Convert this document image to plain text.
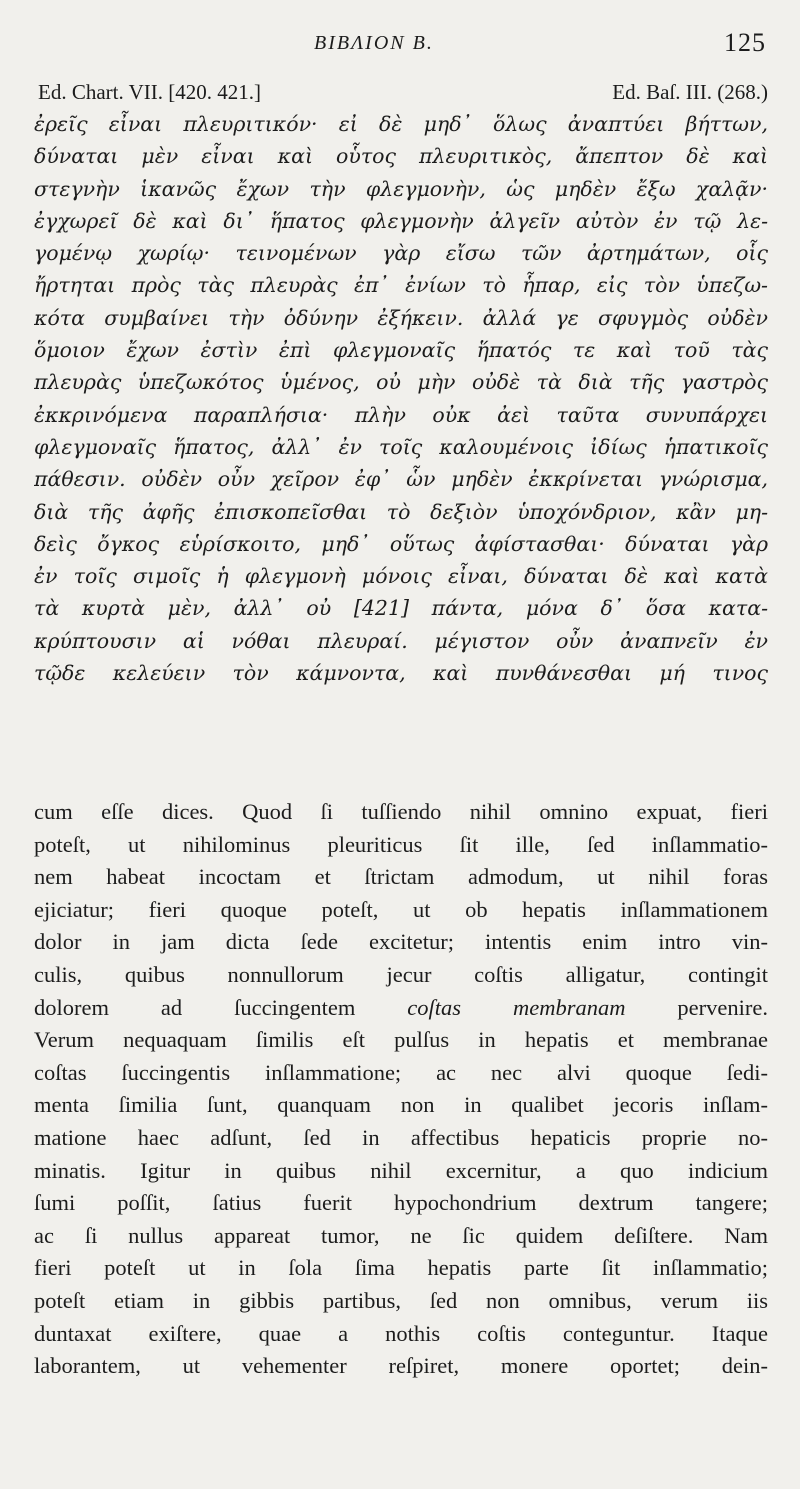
ΒΙΒΛΙΟΝ Β.	125
Ed. Chart. VII. [420. 421.]	Ed. Baſ. III. (268.)
ἐρεῖς εἶναι πλευριτικόν· εἰ δὲ μηδ᾽ ὅλως ἀναπτύει βήττων,
δύναται μὲν εἶναι καὶ οὗτος πλευριτικὸς, ἄπεπτον δὲ καὶ
στεγνὴν ἱκανῶς ἔχων τὴν φλεγμονὴν, ὡς μηδὲν ἔξω χαλᾷν·
ἐγχωρεῖ δὲ καὶ δι᾽ ἥπατος φλεγμονὴν ἀλγεῖν αὐτὸν ἐν τῷ λε-
γομένῳ χωρίῳ· τεινομένων γὰρ εἴσω τῶν ἀρτημάτων, οἷς
ἤρτηται πρὸς τὰς πλευρὰς ἐπ᾽ ἐνίων τὸ ἧπαρ, εἰς τὸν ὑπεζω-
κότα συμβαίνει τὴν ὀδύνην ἐξήκειν. ἀλλά γε σφυγμὸς οὐδὲν
ὅμοιον ἔχων ἐστὶν ἐπὶ φλεγμοναῖς ἥπατός τε καὶ τοῦ τὰς
πλευρὰς ὑπεζωκότος ὑμένος, οὐ μὴν οὐδὲ τὰ διὰ τῆς γαστρὸς
ἐκκρινόμενα παραπλήσια· πλὴν οὐκ ἀεὶ ταῦτα συνυπάρχει
φλεγμοναῖς ἥπατος, ἀλλ᾽ ἐν τοῖς καλουμένοις ἰδίως ἡπατικοῖς
πάθεσιν. οὐδὲν οὖν χεῖρον ἐφ᾽ ὧν μηδὲν ἐκκρίνεται γνώρισμα,
διὰ τῆς ἀφῆς ἐπισκοπεῖσθαι τὸ δεξιὸν ὑποχόνδριον, κἂν μη-
δεὶς ὄγκος εὑρίσκοιτο, μηδ᾽ οὕτως ἀφίστασθαι· δύναται γὰρ
ἐν τοῖς σιμοῖς ἡ φλεγμονὴ μόνοις εἶναι, δύναται δὲ καὶ κατὰ
τὰ κυρτὰ μὲν, ἀλλ᾽ οὐ [421] πάντα, μόνα δ᾽ ὅσα κατα-
κρύπτουσιν αἱ νόθαι πλευραί. μέγιστον οὖν ἀναπνεῖν ἐν
τῷδε κελεύειν τὸν κάμνοντα, καὶ πυνθάνεσθαι μή τινος
cum eſſe dices. Quod ſi tuſſiendo nihil omnino expuat, fieri
poteſt, ut nihilominus pleuriticus ſit ille, ſed inſlammatio-
nem habeat incoctam et ſtrictam admodum, ut nihil foras
ejiciatur; fieri quoque poteſt, ut ob hepatis inſlammationem
dolor in jam dicta ſede excitetur; intentis enim intro vin-
culis, quibus nonnullorum jecur coſtis alligatur, contingit
dolorem ad ſuccingentem coſtas membranam pervenire.
Verum nequaquam ſimilis eſt pulſus in hepatis et membranae
coſtas ſuccingentis inſlammatione; ac nec alvi quoque ſedi-
menta ſimilia ſunt, quanquam non in qualibet jecoris inſlam-
matione haec adſunt, ſed in affectibus hepaticis proprie no-
minatis. Igitur in quibus nihil excernitur, a quo indicium
ſumi poſſit, ſatius fuerit hypochondrium dextrum tangere;
ac ſi nullus appareat tumor, ne ſic quidem deſiſtere. Nam
fieri poteſt ut in ſola ſima hepatis parte ſit inſlammatio;
poteſt etiam in gibbis partibus, ſed non omnibus, verum iis
duntaxat exiſtere, quae a nothis coſtis conteguntur. Itaque
laborantem, ut vehementer reſpiret, monere oportet; dein-
